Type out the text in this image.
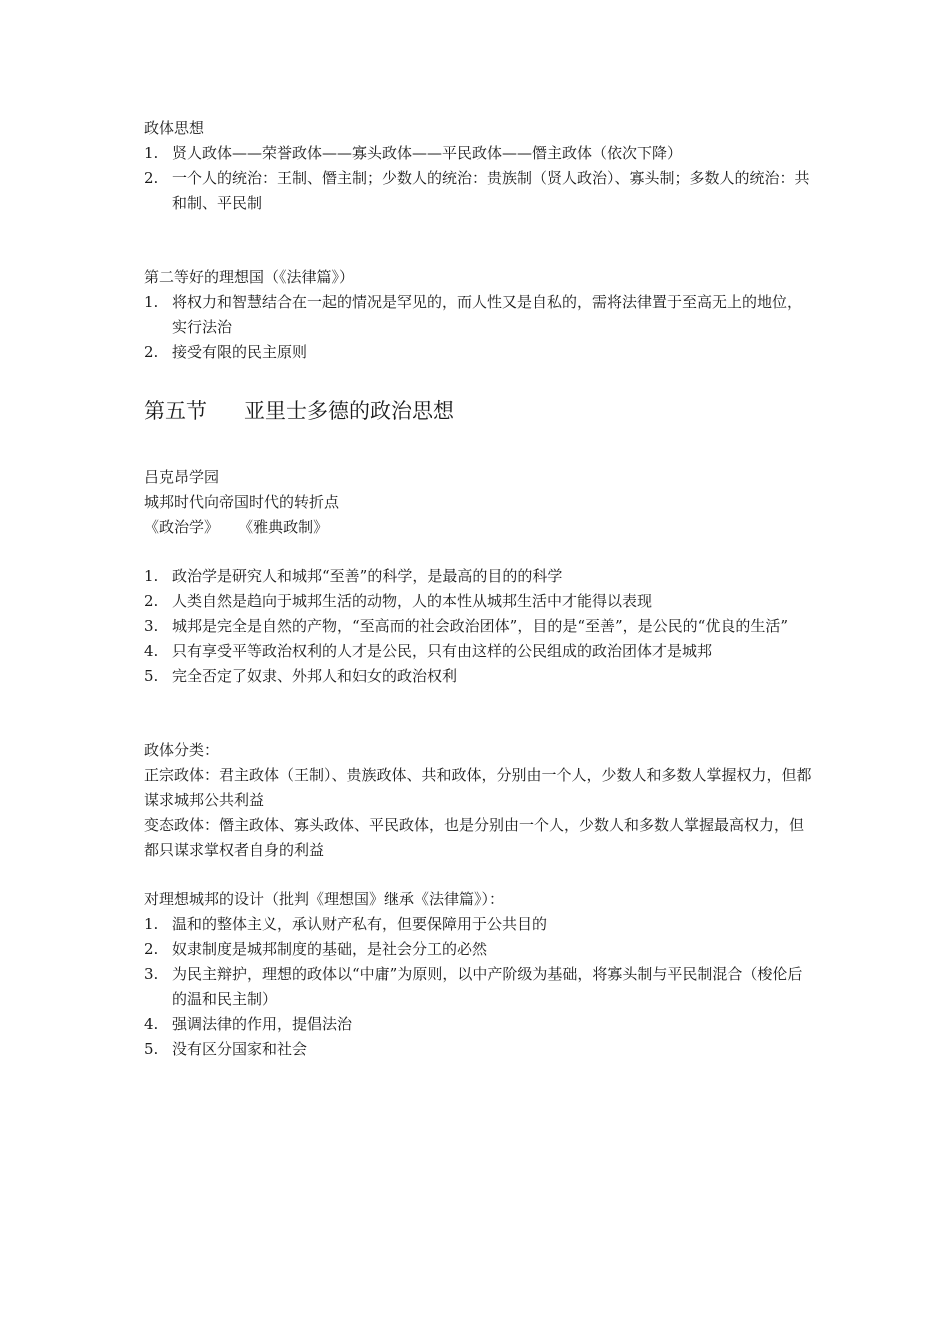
政体思想
1. 贤人政体——荣誉政体——寡头政体——平民政体——僭主政体（依次下降）
2. 一个人的统治：王制、僭主制；少数人的统治：贵族制（贤人政治）、寡头制；多数人的统治：共和制、平民制
第二等好的理想国（《法律篇》）
1. 将权力和智慧结合在一起的情况是罕见的，而人性又是自私的，需将法律置于至高无上的地位，实行法治
2. 接受有限的民主原则
第五节 亚里士多德的政治思想
吕克昂学园
城邦时代向帝国时代的转折点
《政治学》    《雅典政制》
1. 政治学是研究人和城邦“至善”的科学，是最高的目的的科学
2. 人类自然是趋向于城邦生活的动物，人的本性从城邦生活中才能得以表现
3. 城邦是完全是自然的产物，“至高而的社会政治团体”，目的是“至善”，是公民的“优良的生活”
4. 只有享受平等政治权利的人才是公民，只有由这样的公民组成的政治团体才是城邦
5. 完全否定了奴隶、外邦人和妇女的政治权利
政体分类：
正宗政体：君主政体（王制）、贵族政体、共和政体，分别由一个人，少数人和多数人掌握权力，但都谋求城邦公共利益
变态政体：僭主政体、寡头政体、平民政体，也是分别由一个人，少数人和多数人掌握最高权力，但都只谋求掌权者自身的利益
对理想城邦的设计（批判《理想国》继承《法律篇》）：
1. 温和的整体主义，承认财产私有，但要保障用于公共目的
2. 奴隶制度是城邦制度的基础，是社会分工的必然
3. 为民主辩护，理想的政体以“中庸”为原则，以中产阶级为基础，将寡头制与平民制混合（梭伦后的温和民主制）
4. 强调法律的作用，提倡法治
5. 没有区分国家和社会
